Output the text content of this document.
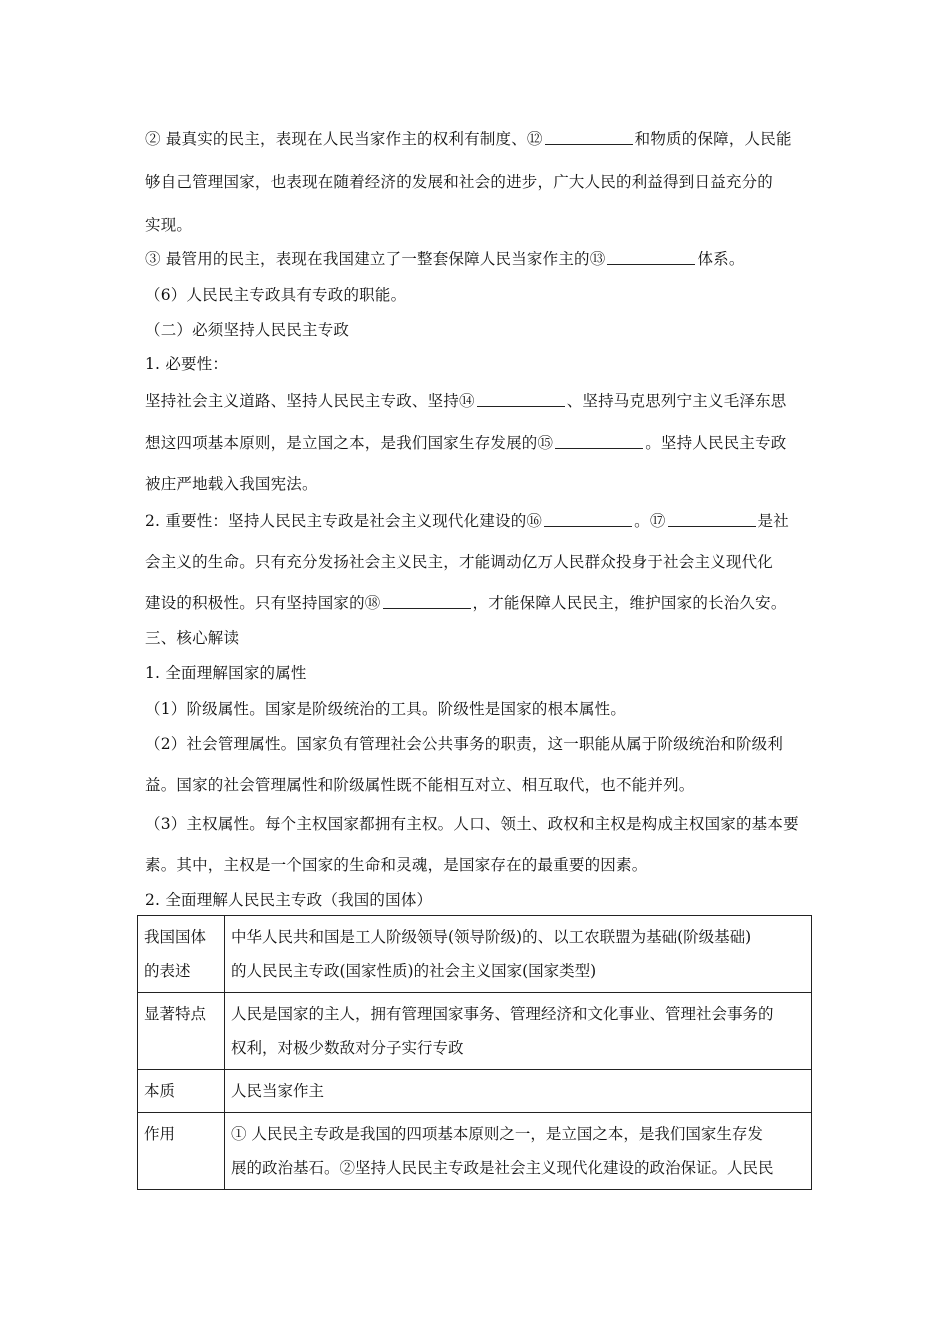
② 最真实的民主，表现在人民当家作主的权利有制度、⑫	和物质的保障，人民能
够自己管理国家，也表现在随着经济的发展和社会的进步，广大人民的利益得到日益充分的
实现。
③ 最管用的民主，表现在我国建立了一整套保障人民当家作主的⑬	体系。
（6）人民民主专政具有专政的职能。
（二）必须坚持人民民主专政
1. 必要性：
坚持社会主义道路、坚持人民民主专政、坚持⑭	、坚持马克思列宁主义毛泽东思
想这四项基本原则，是立国之本，是我们国家生存发展的⑮	。坚持人民民主专政
被庄严地载入我国宪法。
2. 重要性：坚持人民民主专政是社会主义现代化建设的⑯	。⑰	是社
会主义的生命。只有充分发扬社会主义民主，才能调动亿万人民群众投身于社会主义现代化
建设的积极性。只有坚持国家的⑱	，才能保障人民民主，维护国家的长治久安。
三、核心解读
1. 全面理解国家的属性
（1）阶级属性。国家是阶级统治的工具。阶级性是国家的根本属性。
（2）社会管理属性。国家负有管理社会公共事务的职责，这一职能从属于阶级统治和阶级利
益。国家的社会管理属性和阶级属性既不能相互对立、相互取代，也不能并列。
（3）主权属性。每个主权国家都拥有主权。人口、领土、政权和主权是构成主权国家的基本要
素。其中，主权是一个国家的生命和灵魂，是国家存在的最重要的因素。
2. 全面理解人民民主专政（我国的国体）
我国国体
的表述	中华人民共和国是工人阶级领导(领导阶级)的、以工农联盟为基础(阶级基础)
的人民民主专政(国家性质)的社会主义国家(国家类型)

显著特点	人民是国家的主人，拥有管理国家事务、管理经济和文化事业、管理社会事务的
权利，对极少数敌对分子实行专政

本质	人民当家作主

作用	① 人民民主专政是我国的四项基本原则之一，是立国之本，是我们国家生存发
展的政治基石。②坚持人民民主专政是社会主义现代化建设的政治保证。人民民
